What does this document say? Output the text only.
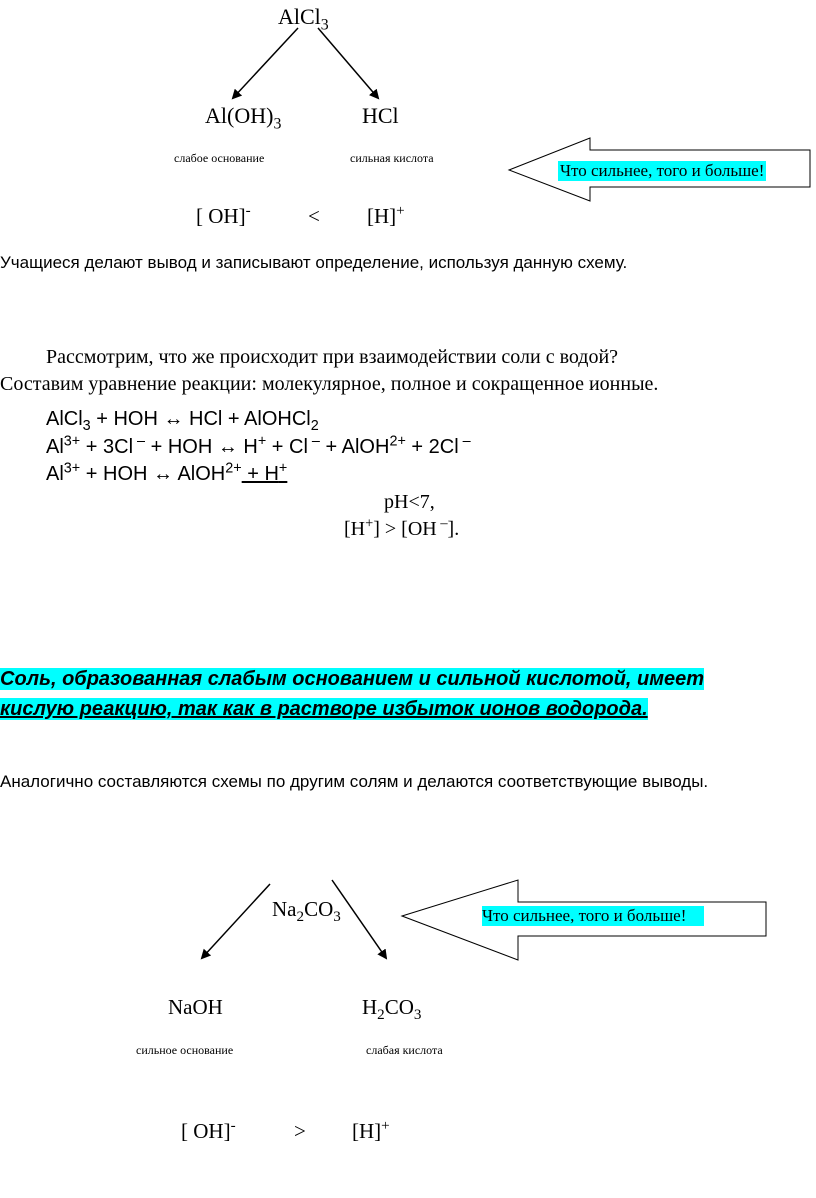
AlCl$_3$
$Al(OH)_3$	HCl
слабое основание	сильная кислота
[ OH]-	< [H]+
Что сильнее, того и больше!
Учащиеся делают вывод и записывают определение, используя данную схему.
Рассмотрим, что же происходит при взаимодействии соли с водой?
Составим уравнение реакции: молекулярное, полное и сокращенное ионные.
AlCl$_3$ + HOH ↔ HCl + AlOHCl$_2$
$Al^{3+} + 3Cl$ – + HOH ↔ H+ + Cl – + AlOH$^{2+}$ + 2Cl –
$Al^{3+}$ + HOH ↔ AlOH$^{2+}$ + H+
pH<7,
[H+] > [OH –].
Соль, образованная слабым основанием и сильной кислотой, имеет
кислую реакцию, так как в растворе избыток ионов водорода.
Аналогично составляются схемы по другим солям и делаются соответствующие выводы.
$Na_2CO_3$	Что сильнее, того и больше!
NaOH	$H_2CO_3$
сильное основание	слабая кислота
[ OH]-	> [H]+
